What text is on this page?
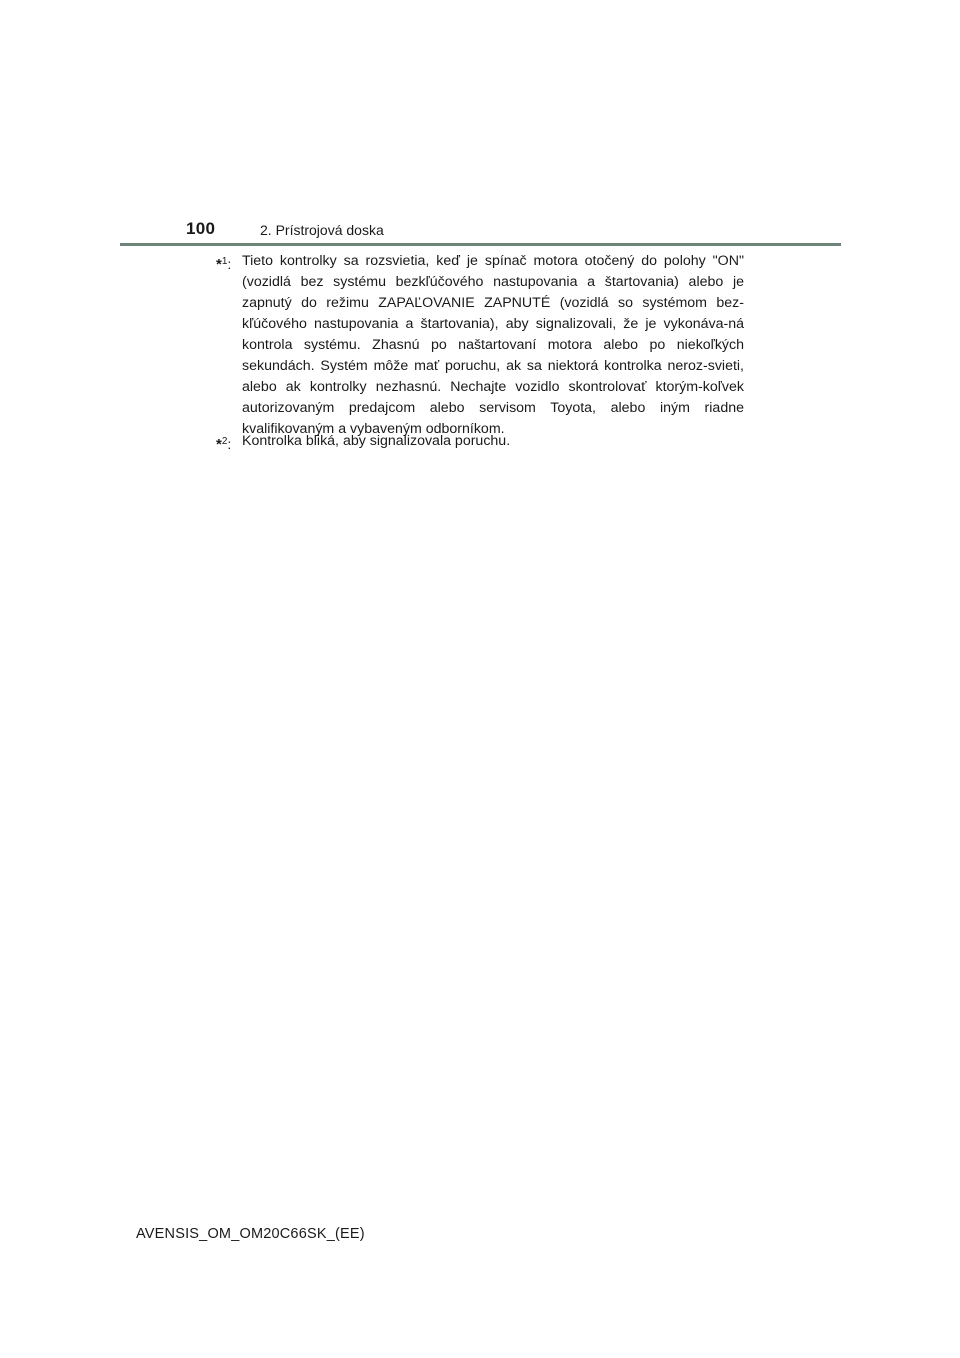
100	2. Prístrojová doska
*$^1$: Tieto kontrolky sa rozsvietia, keď je spínač motora otočený do polohy "ON" (vozidlá bez systému bezkľúčového nastupovania a štartovania) alebo je zapnutý do režimu ZAPAĽOVANIE ZAPNUTÉ (vozidlá so systémom bez-kľúčového nastupovania a štartovania), aby signalizovali, že je vykonáva-ná kontrola systému. Zhasnú po naštartovaní motora alebo po niekoľkých sekundách. Systém môže mať poruchu, ak sa niektorá kontrolka neroz-svieti, alebo ak kontrolky nezhasnú. Nechajte vozidlo skontrolovať ktorým-koľvek autorizovaným predajcom alebo servisom Toyota, alebo iným riadne kvalifikovaným a vybaveným odborníkom.
*$^2$: Kontrolka bliká, aby signalizovala poruchu.
AVENSIS_OM_OM20C66SK_(EE)
